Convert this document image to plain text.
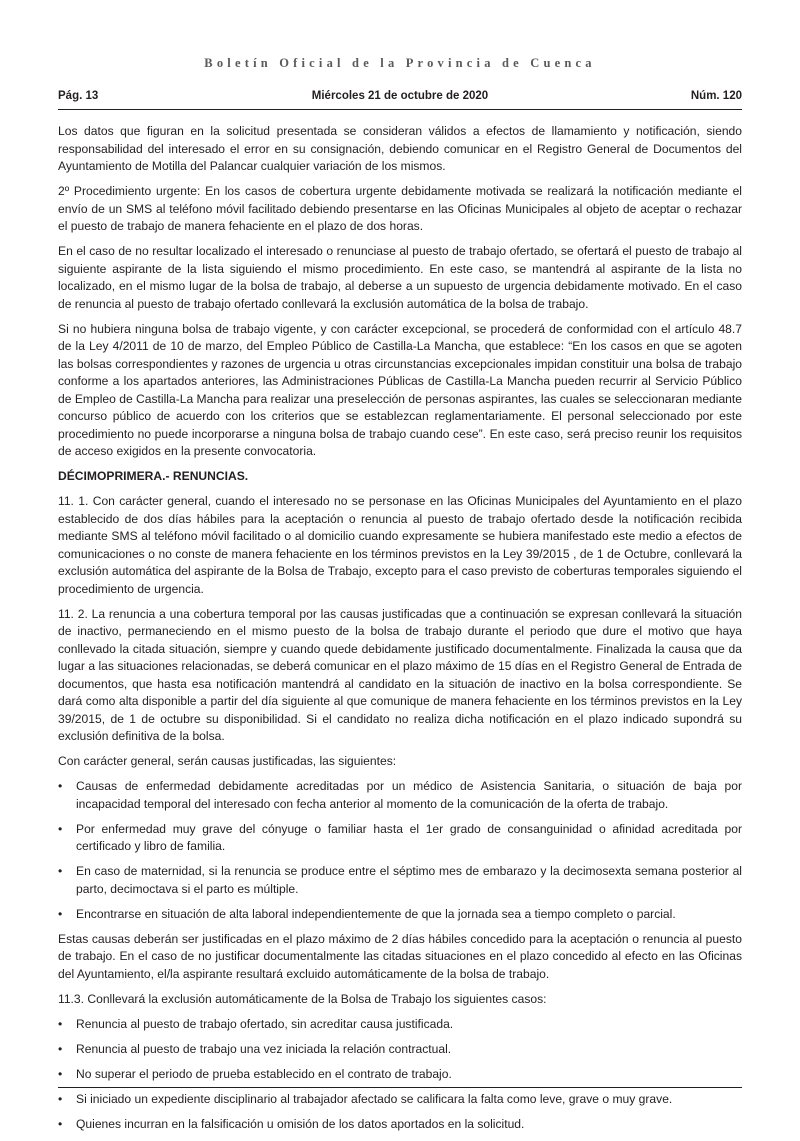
Boletín Oficial de la Provincia de Cuenca
Pág. 13	Miércoles 21 de octubre de 2020	Núm. 120

Los datos que figuran en la solicitud presentada se consideran válidos a efectos de llamamiento y notificación, siendo responsabilidad del interesado el error en su consignación, debiendo comunicar en el Registro General de Documentos del Ayuntamiento de Motilla del Palancar cualquier variación de los mismos.

2º Procedimiento urgente: En los casos de cobertura urgente debidamente motivada se realizará la notificación mediante el envío de un SMS al teléfono móvil facilitado debiendo presentarse en las Oficinas Municipales al objeto de aceptar o rechazar el puesto de trabajo de manera fehaciente en el plazo de dos horas.

En el caso de no resultar localizado el interesado o renunciase al puesto de trabajo ofertado, se ofertará el puesto de trabajo al siguiente aspirante de la lista siguiendo el mismo procedimiento. En este caso, se mantendrá al aspirante de la lista no localizado, en el mismo lugar de la bolsa de trabajo, al deberse a un supuesto de urgencia debidamente motivado. En el caso de renuncia al puesto de trabajo ofertado conllevará la exclusión automática de la bolsa de trabajo.

Si no hubiera ninguna bolsa de trabajo vigente, y con carácter excepcional, se procederá de conformidad con el artículo 48.7 de la Ley 4/2011 de 10 de marzo, del Empleo Público de Castilla-La Mancha, que establece: “En los casos en que se agoten las bolsas correspondientes y razones de urgencia u otras circunstancias excepcionales impidan constituir una bolsa de trabajo conforme a los apartados anteriores, las Administraciones Públicas de Castilla-La Mancha pueden recurrir al Servicio Público de Empleo de Castilla-La Mancha para realizar una preselección de personas aspirantes, las cuales se seleccionaran mediante concurso público de acuerdo con los criterios que se establezcan reglamentariamente. El personal seleccionado por este procedimiento no puede incorporarse a ninguna bolsa de trabajo cuando cese”. En este caso, será preciso reunir los requisitos de acceso exigidos en la presente convocatoria.

DÉCIMOPRIMERA.- RENUNCIAS.

11. 1. Con carácter general, cuando el interesado no se personase en las Oficinas Municipales del Ayuntamiento en el plazo establecido de dos días hábiles para la aceptación o renuncia al puesto de trabajo ofertado desde la notificación recibida mediante SMS al teléfono móvil facilitado o al domicilio cuando expresamente se hubiera manifestado este medio a efectos de comunicaciones o no conste de manera fehaciente en los términos previstos en la Ley 39/2015 , de 1 de Octubre, conllevará la exclusión automática del aspirante de la Bolsa de Trabajo, excepto para el caso previsto de coberturas temporales siguiendo el procedimiento de urgencia.

11. 2. La renuncia a una cobertura temporal por las causas justificadas que a continuación se expresan conllevará la situación de inactivo, permaneciendo en el mismo puesto de la bolsa de trabajo durante el periodo que dure el motivo que haya conllevado la citada situación, siempre y cuando quede debidamente justificado documentalmente. Finalizada la causa que da lugar a las situaciones relacionadas, se deberá comunicar en el plazo máximo de 15 días en el Registro General de Entrada de documentos, que hasta esa notificación mantendrá al candidato en la situación de inactivo en la bolsa correspondiente. Se dará como alta disponible a partir del día siguiente al que comunique de manera fehaciente en los términos previstos en la Ley 39/2015, de 1 de octubre su disponibilidad. Si el candidato no realiza dicha notificación en el plazo indicado supondrá su exclusión definitiva de la bolsa.

Con carácter general, serán causas justificadas, las siguientes:

• Causas de enfermedad debidamente acreditadas por un médico de Asistencia Sanitaria, o situación de baja por incapacidad temporal del interesado con fecha anterior al momento de la comunicación de la oferta de trabajo.
• Por enfermedad muy grave del cónyuge o familiar hasta el 1er grado de consanguinidad o afinidad acreditada por certificado y libro de familia.
• En caso de maternidad, si la renuncia se produce entre el séptimo mes de embarazo y la decimosexta semana posterior al parto, decimoctava si el parto es múltiple.
• Encontrarse en situación de alta laboral independientemente de que la jornada sea a tiempo completo o parcial.

Estas causas deberán ser justificadas en el plazo máximo de 2 días hábiles concedido para la aceptación o renuncia al puesto de trabajo. En el caso de no justificar documentalmente las citadas situaciones en el plazo concedido al efecto en las Oficinas del Ayuntamiento, el/la aspirante resultará excluido automáticamente de la bolsa de trabajo.

11.3. Conllevará la exclusión automáticamente de la Bolsa de Trabajo los siguientes casos:

• Renuncia al puesto de trabajo ofertado, sin acreditar causa justificada.
• Renuncia al puesto de trabajo una vez iniciada la relación contractual.
• No superar el periodo de prueba establecido en el contrato de trabajo.
• Si iniciado un expediente disciplinario al trabajador afectado se calificara la falta como leve, grave o muy grave.
• Quienes incurran en la falsificación u omisión de los datos aportados en la solicitud.
